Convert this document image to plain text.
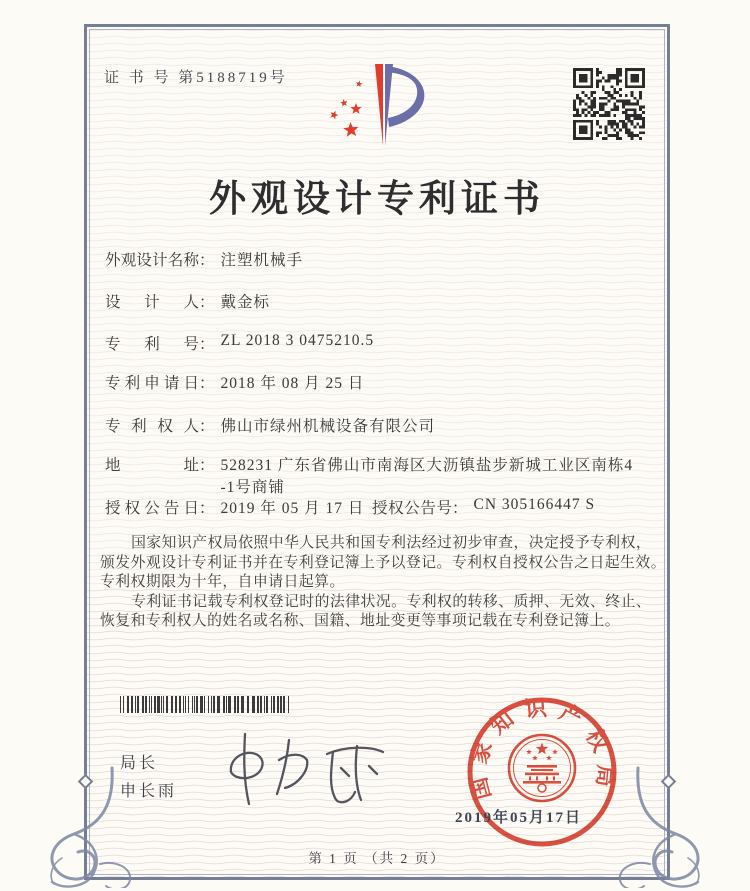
证 书 号 第5188719号
外观设计专利证书
外观设计名称 ： 注塑机械手
设计人 ： 戴金标
专利号 ： ZL 2018 3 0475210.5
专利申请日 ： 2018 年 08 月 25 日
专利权人 ： 佛山市绿州机械设备有限公司
地址 ： 528231 广东省佛山市南海区大沥镇盐步新城工业区南栋4
-1号商铺
授权公告日 ： 2019 年 05 月 17 日 授权公告号 ： CN 305166447 S

国家知识产权局依照中华人民共和国专利法经过初步审查，决定授予专利权，颁发外观设计专利证书并在专利登记簿上予以登记。专利权自授权公告之日起生效。专利权期限为十年，自申请日起算。

专利证书记载专利权登记时的法律状况。专利权的转移、质押、无效、终止、恢复和专利权人的姓名或名称、国籍、地址变更等事项记载在专利登记簿上。

局长
申长雨	国家知识产权局
2019年05月17日
第 1 页 （共 2 页）
